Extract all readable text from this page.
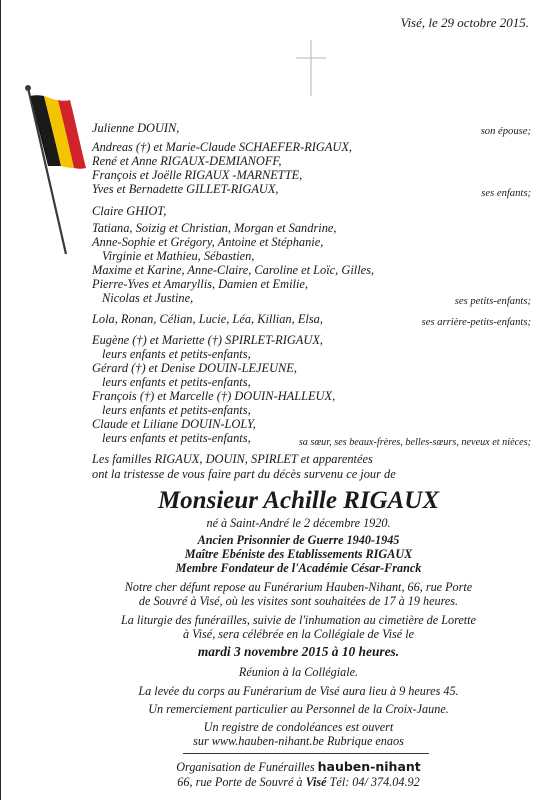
Visé, le 29 octobre 2015.
Julienne DOUIN,
Andreas (†) et Marie-Claude SCHAEFER-RIGAUX,
René et Anne RIGAUX-DEMIANOFF,
François et Joëlle RIGAUX -MARNETTE,
Yves et Bernadette GILLET-RIGAUX,
Claire GHIOT,
Tatiana, Soizig et Christian, Morgan et Sandrine,
Anne-Sophie et Grégory, Antoine et Stéphanie,
Virginie et Mathieu, Sébastien,
Maxime et Karine, Anne-Claire, Caroline et Loïc, Gilles,
Pierre-Yves et Amaryllis, Damien et Emilie,
Nicolas et Justine,
Lola, Ronan, Célian, Lucie, Léa, Killian, Elsa,
Eugène (†) et Mariette (†) SPIRLET-RIGAUX,
leurs enfants et petits-enfants,
Gérard (†) et Denise DOUIN-LEJEUNE,
leurs enfants et petits-enfants,
François (†) et Marcelle (†) DOUIN-HALLEUX,
leurs enfants et petits-enfants,
Claude et Liliane DOUIN-LOLY,
leurs enfants et petits-enfants,
Les familles RIGAUX, DOUIN, SPIRLET et apparentées
ont la tristesse de vous faire part du décès survenu ce jour de
son épouse;
ses enfants;
ses petits-enfants;
ses arrière-petits-enfants;
sa sœur, ses beaux-frères, belles-sœurs, neveux et nièces;
Monsieur Achille RIGAUX
né à Saint-André le 2 décembre 1920.
Ancien Prisonnier de Guerre 1940-1945
Maître Ebéniste des Etablissements RIGAUX
Membre Fondateur de l'Académie César-Franck
Notre cher défunt repose au Funérarium Hauben-Nihant, 66, rue Porte
de Souvré à Visé, où les visites sont souhaitées de 17 à 19 heures.
La liturgie des funérailles, suivie de l'inhumation au cimetière de Lorette
à Visé, sera célébrée en la Collégiale de Visé le
mardi 3 novembre 2015 à 10 heures.
Réunion à la Collégiale.
La levée du corps au Funérarium de Visé aura lieu à 9 heures 45.
Un remerciement particulier au Personnel de la Croix-Jaune.
Un registre de condoléances est ouvert
sur www.hauben-nihant.be Rubrique enaos
Organisation de Funérailles hauben-nihant
66, rue Porte de Souvré à Visé Tél: 04/ 374.04.92
